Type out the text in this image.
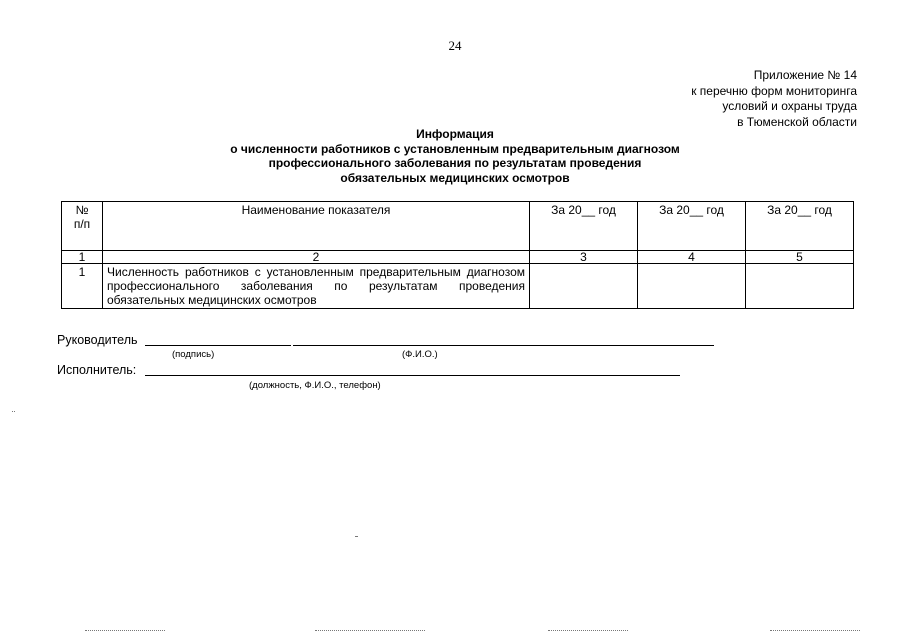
24
Приложение № 14
к перечню форм мониторинга
условий и охраны труда
в Тюменской области
Информация
о численности работников с установленным предварительным диагнозом
профессионального заболевания по результатам проведения
обязательных медицинских осмотров
№
п/п	Наименование показателя	За 20__ год	За 20__ год	За 20__ год
1	2	3	4	5
1	Численность работников с установленным предварительным диагнозом профессионального заболевания по результатам проведения обязательных медицинских осмотров			
Руководитель
(подпись)	(Ф.И.О.)
Исполнитель:
(должность, Ф.И.О., телефон)
